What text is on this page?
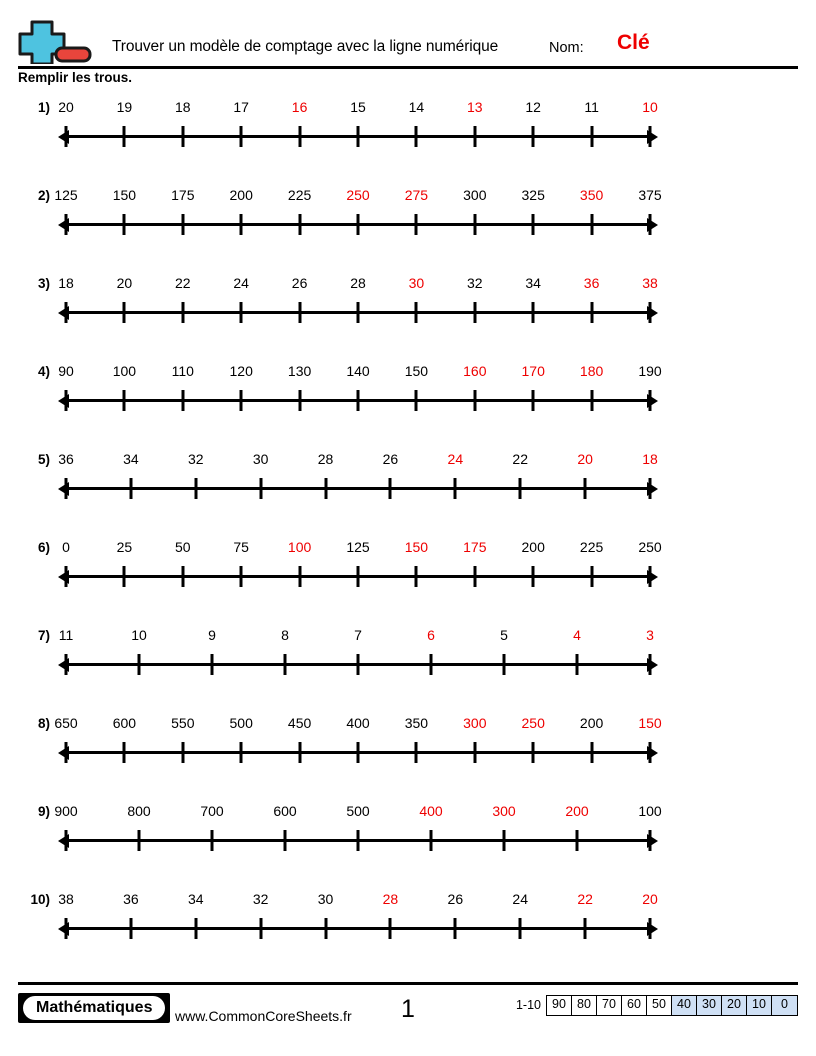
Trouver un modèle de comptage avec la ligne numérique	Nom: Clé
Remplir les trous.
1) 20	19	18	17	16	15	14	13	12	11	10
2) 125	150	175	200	225	250	275	300	325	350	375
3) 18	20	22	24	26	28	30	32	34	36	38
4) 90	100	110	120	130	140	150	160	170	180	190
5) 36	34	32	30	28	26	24	22	20	18
6) 0	25	50	75	100	125	150	175	200	225	250
7) 11	10	9	8	7	6	5	4	3
8) 650	600	550	500	450	400	350	300	250	200	150
9) 900	800	700	600	500	400	300	200	100
10) 38	36	34	32	30	28	26	24	22	20
Mathématiques	www.CommonCoreSheets.fr	1	1-10 90 80 70 60 50 40 30 20 10	0
